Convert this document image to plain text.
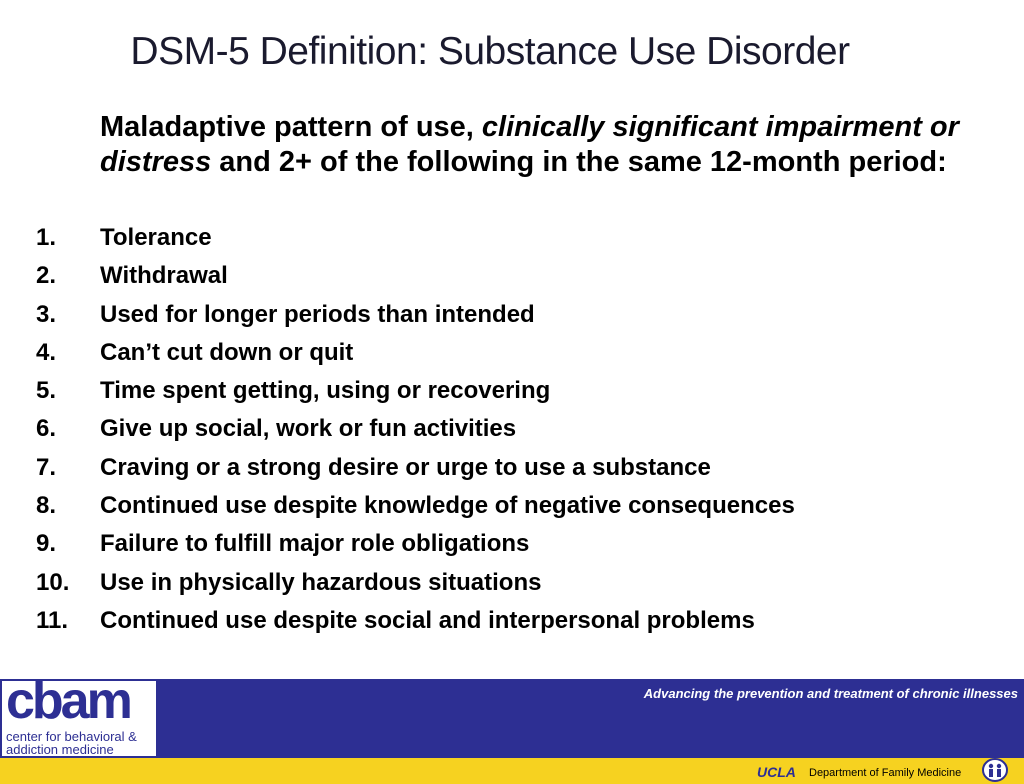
DSM-5 Definition: Substance Use Disorder
Maladaptive pattern of use, clinically significant impairment or distress and 2+ of the following in the same 12-month period:
1.	Tolerance
2.	Withdrawal
3.	Used for longer periods than intended
4.	Can’t cut down or quit
5.	Time spent getting, using or recovering
6.	Give up social, work or fun activities
7.	Craving or a strong desire or urge to use a substance
8.	Continued use despite knowledge of negative consequences
9.	Failure to fulfill major role obligations
10.	Use in physically hazardous situations
11.	Continued use despite social and interpersonal problems
Advancing the prevention and treatment of chronic illnesses
cbam
center for behavioral & addiction medicine
UCLA Department of Family Medicine
